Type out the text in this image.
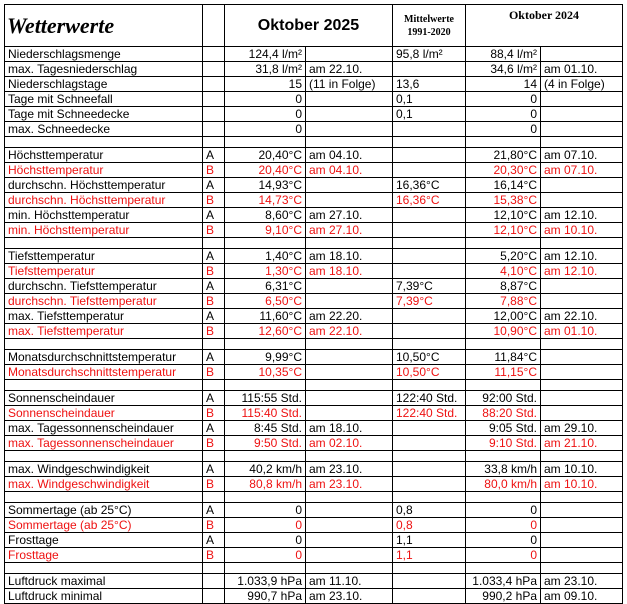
Wetterwerte		Oktober 2025		Mittelwerte
1991-2020	Oktober 2024	
Niederschlagsmenge		124,4 l/m²		95,8 l/m²	88,4 l/m²	
max. Tagesniederschlag		31,8 l/m²	am 22.10.		34,6 l/m²	am 01.10.
Niederschlagstage		15	(11 in Folge)	13,6	14	(4 in Folge)
Tage mit Schneefall		0		0,1	0	
Tage mit Schneedecke		0		0,1	0	
max. Schneedecke		0			0	

Höchsttemperatur	A	20,40°C	am 04.10.		21,80°C	am 07.10.
Höchsttemperatur	B	20,40°C	am 04.10.		20,30°C	am 07.10.
durchschn. Höchsttemperatur	A	14,93°C		16,36°C	16,14°C	
durchschn. Höchsttemperatur	B	14,73°C		16,36°C	15,38°C	
min. Höchsttemperatur	A	8,60°C	am 27.10.		12,10°C	am 12.10.
min. Höchsttemperatur	B	9,10°C	am 27.10.		12,10°C	am 10.10.

Tiefsttemperatur	A	1,40°C	am 18.10.		5,20°C	am 12.10.
Tiefsttemperatur	B	1,30°C	am 18.10.		4,10°C	am 12.10.
durchschn. Tiefsttemperatur	A	6,31°C		7,39°C	8,87°C	
durchschn. Tiefsttemperatur	B	6,50°C		7,39°C	7,88°C	
max. Tiefsttemperatur	A	11,60°C	am 22.20.		12,00°C	am 22.10.
max. Tiefsttemperatur	B	12,60°C	am 22.10.		10,90°C	am 01.10.

Monatsdurchschnittstemperatur	A	9,99°C		10,50°C	11,84°C	
Monatsdurchschnittstemperatur	B	10,35°C		10,50°C	11,15°C	

Sonnenscheindauer	A	115:55 Std.		122:40 Std.	92:00 Std.	
Sonnenscheindauer	B	115:40 Std.		122:40 Std.	88:20 Std.	
max. Tagessonnenscheindauer	A	8:45 Std.	am 18.10.		9:05 Std.	am 29.10.
max. Tagessonnenscheindauer	B	9:50 Std.	am 02.10.		9:10 Std.	am 21.10.

max. Windgeschwindigkeit	A	40,2 km/h	am 23.10.		33,8 km/h	am 10.10.
max. Windgeschwindigkeit	B	80,8 km/h	am 23.10.		80,0 km/h	am 10.10.

Sommertage (ab 25°C)	A	0		0,8	0	
Sommertage (ab 25°C)	B	0		0,8	0	
Frosttage	A	0		1,1	0	
Frosttage	B	0		1,1	0	

Luftdruck maximal		1.033,9 hPa	am 11.10.		1.033,4 hPa	am 23.10.
Luftdruck minimal		990,7 hPa	am 23.10.		990,2 hPa	am 09.10.
